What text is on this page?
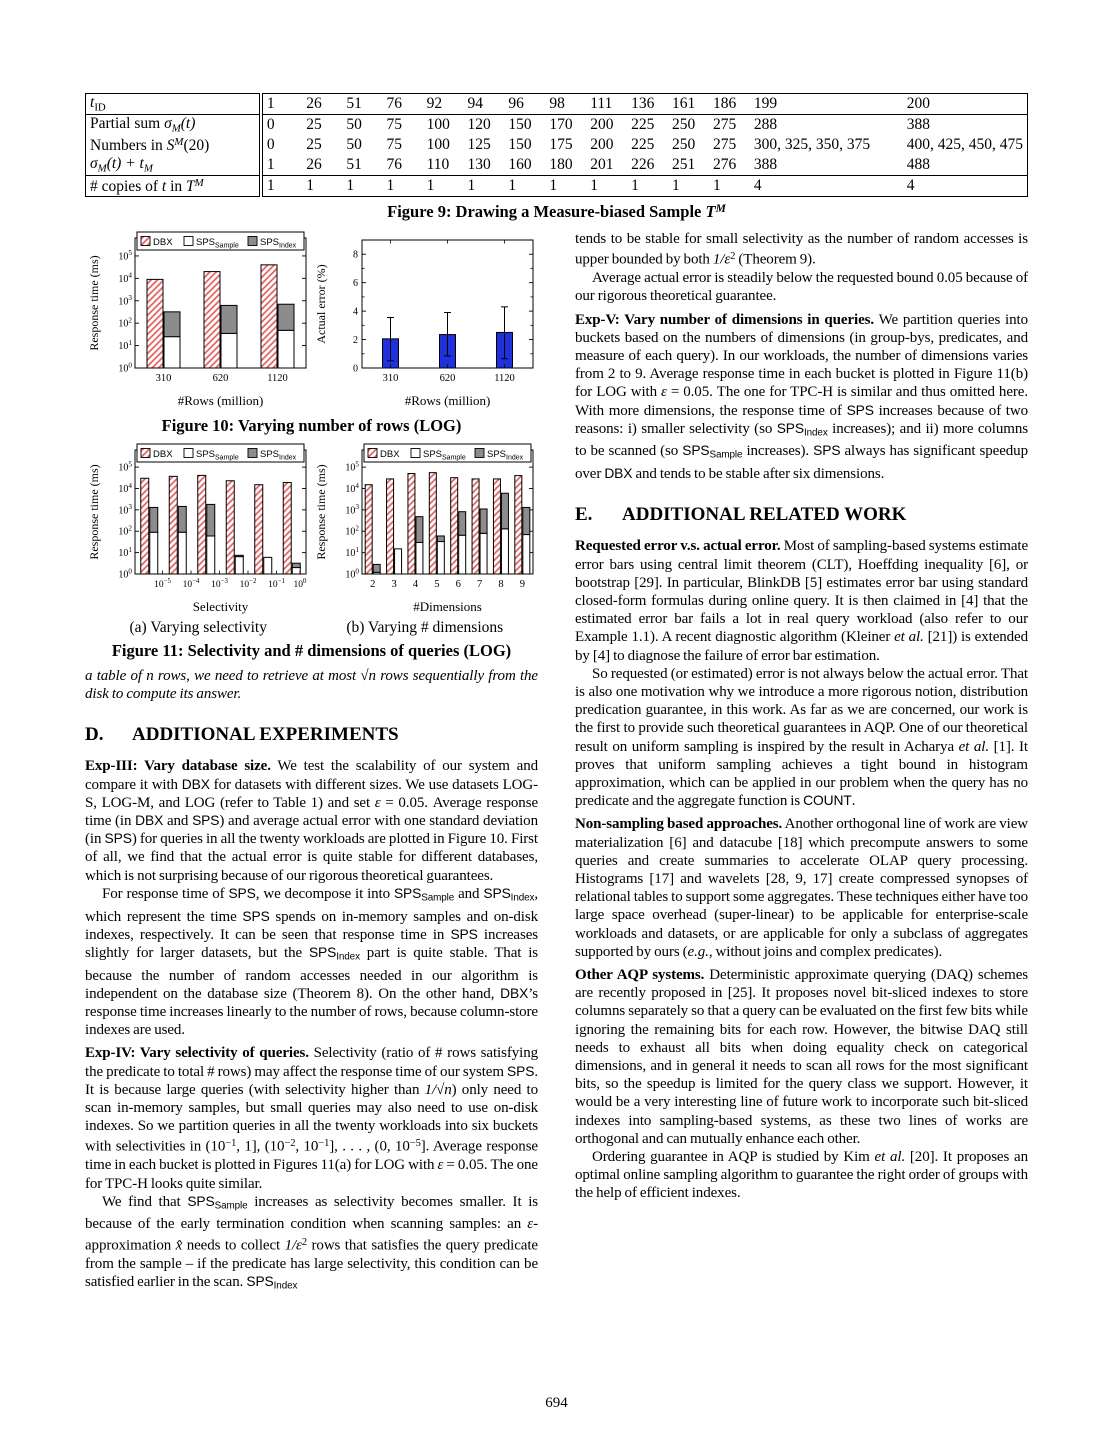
$t_{ID}$	1	26	51	76	92	94	96	98	111	136	161	186	199	200
Partial sum $\sigma_M(t)$	0	25	50	75	100	120	150	170	200	225	250	275	288	388
Numbers in $S^M(20)$	0	25	50	75	100	125	150	175	200	225	250	275	300, 325, 350, 375	400, 425, 450, 475
$\sigma_M(t) + t_M$	1	26	51	76	110	130	160	180	201	226	251	276	388	488
# copies of t in $T^M$	1	1	1	1	1	1	1	1	1	1	1	1	4	4
Figure 9: Drawing a Measure-biased Sample $T^M$
$10^0$
$10^1$
$10^2$
$10^3$
$10^4$
$10^5$
310	620	1120
DBX $SPS_{Sample}$ $SPS_{Index}$
Response time (ms)
#Rows (million)
0
2
4
6
8
310	620	1120
Actual error (%)
#Rows (million)
Figure 10: Varying number of rows (LOG)
$10^0$
$10^1$
$10^2$
$10^3$
$10^4$
$10^5$
$10^{-5}$ $10^{-4}$ $10^{-3}$ $10^{-2}$ $10^{-1}$ $10^0$
DBX $SPS_{Sample}$ $SPS_{Index}$
Response time (ms)
Selectivity
$10^0$
$10^1$
$10^2$
$10^3$
$10^4$
$10^5$
2 3 4 5 6 7 8 9
DBX $SPS_{Sample}$ $SPS_{Index}$
Response time (ms)
#Dimensions
(a) Varying selectivity	(b) Varying # dimensions
Figure 11: Selectivity and # dimensions of queries (LOG)

a table of n rows, we need to retrieve at most √n rows sequentially from the disk to compute its answer.

D. ADDITIONAL EXPERIMENTS

Exp-III: Vary database size. We test the scalability of our system and compare it with DBX for datasets with different sizes. We use datasets LOG-S, LOG-M, and LOG (refer to Table 1) and set ε = 0.05. Average response time (in DBX and SPS) and average actual error with one standard deviation (in SPS) for queries in all the twenty workloads are plotted in Figure 10. First of all, we find that the actual error is quite stable for different databases, which is not surprising because of our rigorous theoretical guarantees.

For response time of SPS, we decompose it into SPSSample and SPSIndex, which represent the time SPS spends on in-memory samples and on-disk indexes, respectively. It can be seen that response time in SPS increases slightly for larger datasets, but the SPSIndex part is quite stable. That is because the number of random accesses needed in our algorithm is independent on the database size (Theorem 8). On the other hand, DBX’s response time increases linearly to the number of rows, because column-store indexes are used.

Exp-IV: Vary selectivity of queries. Selectivity (ratio of # rows satisfying the predicate to total # rows) may affect the response time of our system SPS. It is because large queries (with selectivity higher than 1/√n) only need to scan in-memory samples, but small queries may also need to use on-disk indexes. So we partition queries in all the twenty workloads into six buckets with selectivities in ($10^{-1}$, 1], ($10^{-2}$, $10^{-1}$], . . . , (0, $10^{-5}$]. Average response time in each bucket is plotted in Figures 11(a) for LOG with ε = 0.05. The one for TPC-H looks quite similar.

We find that SPSSample increases as selectivity becomes smaller. It is because of the early termination condition when scanning samples: an ε-approximation x̂ needs to collect $1/\varepsilon^2$ rows that satisfies the query predicate from the sample – if the predicate has large selectivity, this condition can be satisfied earlier in the scan. SPSIndex

tends to be stable for small selectivity as the number of random accesses is upper bounded by both $1/\varepsilon^2$ (Theorem 9).

Average actual error is steadily below the requested bound 0.05 because of our rigorous theoretical guarantee.

Exp-V: Vary number of dimensions in queries. We partition queries into buckets based on the numbers of dimensions (in group-bys, predicates, and measure of each query). In our workloads, the number of dimensions varies from 2 to 9. Average response time in each bucket is plotted in Figure 11(b) for LOG with ε = 0.05. The one for TPC-H is similar and thus omitted here. With more dimensions, the response time of SPS increases because of two reasons: i) smaller selectivity (so SPSIndex increases); and ii) more columns to be scanned (so SPSSample increases). SPS always has significant speedup over DBX and tends to be stable after six dimensions.

E. ADDITIONAL RELATED WORK

Requested error v.s. actual error. Most of sampling-based systems estimate error bars using central limit theorem (CLT), Hoeffding inequality [6], or bootstrap [29]. In particular, BlinkDB [5] estimates error bar using standard closed-form formulas during online query. It is then claimed in [4] that the estimated error bar fails a lot in real query workload (also refer to our Example 1.1). A recent diagnostic algorithm (Kleiner et al. [21]) is extended by [4] to diagnose the failure of error bar estimation.

So requested (or estimated) error is not always below the actual error. That is also one motivation why we introduce a more rigorous notion, distribution predication guarantee, in this work. As far as we are concerned, our work is the first to provide such theoretical guarantees in AQP. One of our theoretical result on uniform sampling is inspired by the result in Acharya et al. [1]. It proves that uniform sampling achieves a tight bound in histogram approximation, which can be applied in our problem when the query has no predicate and the aggregate function is COUNT.

Non-sampling based approaches. Another orthogonal line of work are view materialization [6] and datacube [18] which precompute answers to some queries and create summaries to accelerate OLAP query processing. Histograms [17] and wavelets [28, 9, 17] create compressed synopses of relational tables to support some aggregates. These techniques either have too large space overhead (super-linear) to be applicable for enterprise-scale workloads and datasets, or are applicable for only a subclass of aggregates supported by ours (e.g., without joins and complex predicates).

Other AQP systems. Deterministic approximate querying (DAQ) schemes are recently proposed in [25]. It proposes novel bit-sliced indexes to store columns separately so that a query can be evaluated on the first few bits while ignoring the remaining bits for each row. However, the bitwise DAQ still needs to exhaust all bits when doing equality check on categorical dimensions, and in general it needs to scan all rows for the most significant bits, so the speedup is limited for the query class we support. However, it would be a very interesting line of future work to incorporate such bit-sliced indexes into sampling-based systems, as these two lines of works are orthogonal and can mutually enhance each other.

Ordering guarantee in AQP is studied by Kim et al. [20]. It proposes an optimal online sampling algorithm to guarantee the right order of groups with the help of efficient indexes.

694
